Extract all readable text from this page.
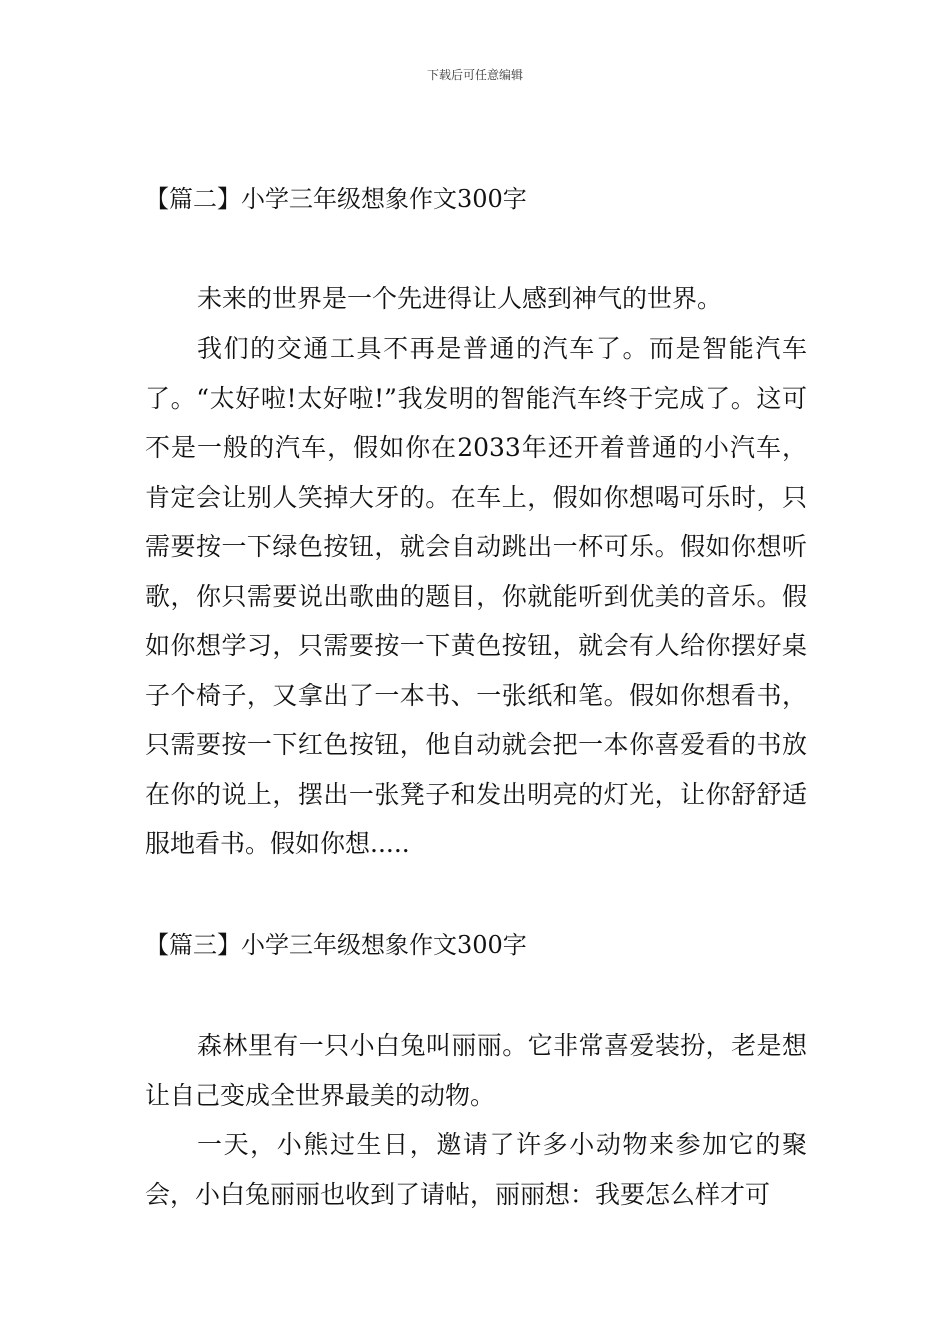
下载后可任意编辑
【篇二】小学三年级想象作文300字

未来的世界是一个先进得让人感到神气的世界。

我们的交通工具不再是普通的汽车了。而是智能汽车了。“太好啦!太好啦!”我发明的智能汽车终于完成了。这可不是一般的汽车，假如你在2033年还开着普通的小汽车，肯定会让别人笑掉大牙的。在车上，假如你想喝可乐时，只需要按一下绿色按钮，就会自动跳出一杯可乐。假如你想听歌，你只需要说出歌曲的题目，你就能听到优美的音乐。假如你想学习，只需要按一下黄色按钮，就会有人给你摆好桌子个椅子，又拿出了一本书、一张纸和笔。假如你想看书，只需要按一下红色按钮，他自动就会把一本你喜爱看的书放在你的说上，摆出一张凳子和发出明亮的灯光，让你舒舒适服地看书。假如你想.....

【篇三】小学三年级想象作文300字

森林里有一只小白兔叫丽丽。它非常喜爱装扮，老是想让自己变成全世界最美的动物。

一天，小熊过生日，邀请了许多小动物来参加它的聚会，小白兔丽丽也收到了请帖，丽丽想：我要怎么样才可
